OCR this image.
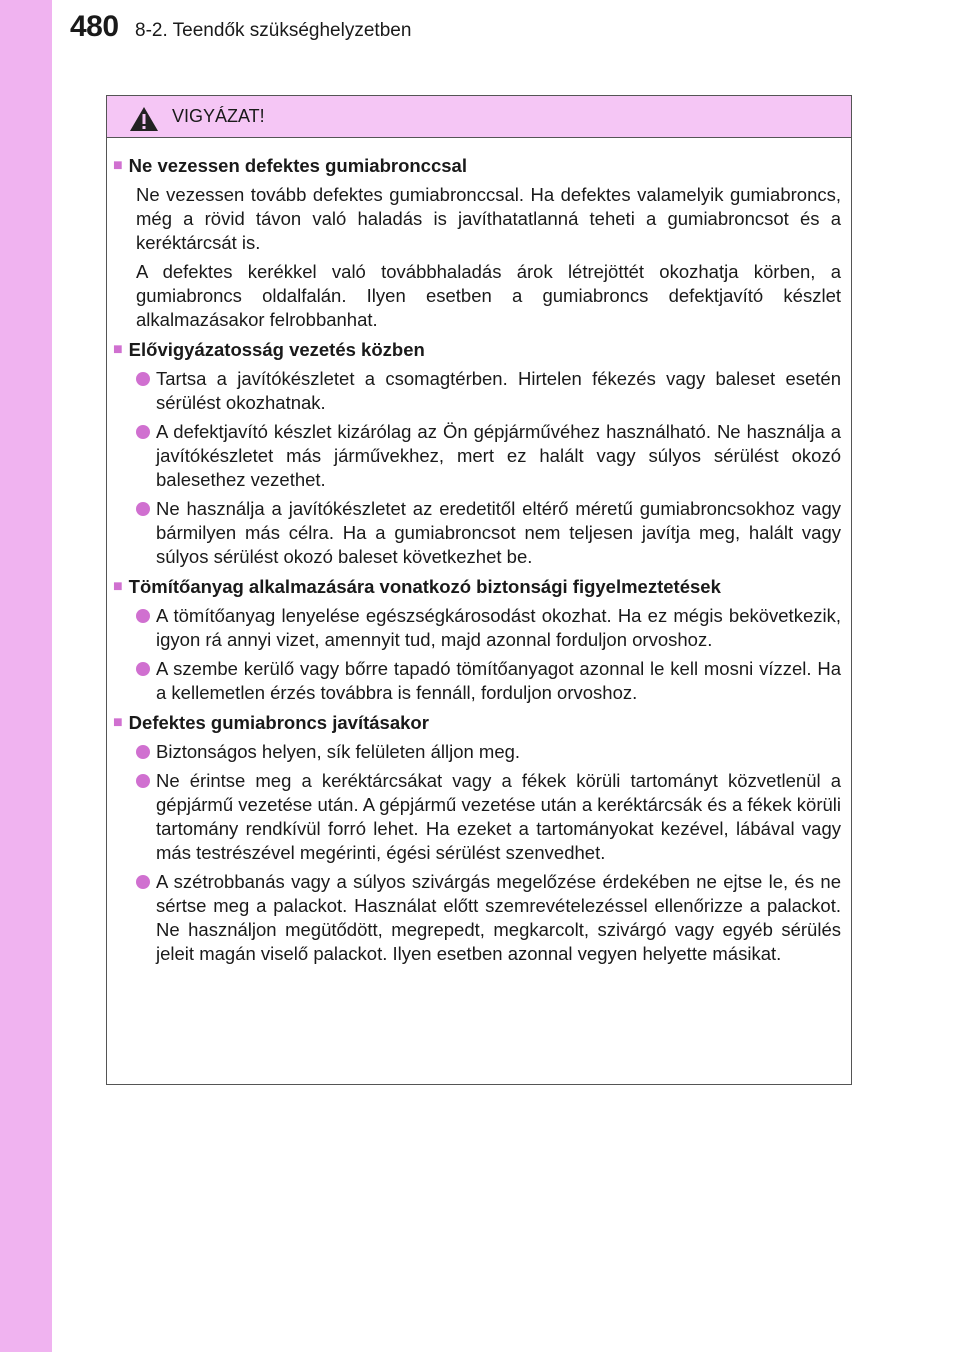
480 8-2. Teendők szükséghelyzetben
VIGYÁZAT!
■ Ne vezessen defektes gumiabronccsal
Ne vezessen tovább defektes gumiabronccsal. Ha defektes valamelyik gumiabroncs, még a rövid távon való haladás is javíthatatlanná teheti a gumiabroncsot és a keréktárcsát is.
A defektes kerékkel való továbbhaladás árok létrejöttét okozhatja körben, a gumiabroncs oldalfalán. Ilyen esetben a gumiabroncs defektjavító készlet alkalmazásakor felrobbanhat.
■ Elővigyázatosság vezetés közben
Tartsa a javítókészletet a csomagtérben. Hirtelen fékezés vagy baleset esetén sérülést okozhatnak.
A defektjavító készlet kizárólag az Ön gépjárművéhez használható. Ne használja a javítókészletet más járművekhez, mert ez halált vagy súlyos sérülést okozó balesethez vezethet.
Ne használja a javítókészletet az eredetitől eltérő méretű gumiabroncsokhoz vagy bármilyen más célra. Ha a gumiabroncsot nem teljesen javítja meg, halált vagy súlyos sérülést okozó baleset következhet be.
■ Tömítőanyag alkalmazására vonatkozó biztonsági figyelmeztetések
A tömítőanyag lenyelése egészségkárosodást okozhat. Ha ez mégis bekövetkezik, igyon rá annyi vizet, amennyit tud, majd azonnal forduljon orvoshoz.
A szembe kerülő vagy bőrre tapadó tömítőanyagot azonnal le kell mosni vízzel. Ha a kellemetlen érzés továbbra is fennáll, forduljon orvoshoz.
■ Defektes gumiabroncs javításakor
Biztonságos helyen, sík felületen álljon meg.
Ne érintse meg a keréktárcsákat vagy a fékek körüli tartományt közvetlenül a gépjármű vezetése után. A gépjármű vezetése után a keréktárcsák és a fékek körüli tartomány rendkívül forró lehet. Ha ezeket a tartományokat kezével, lábával vagy más testrészével megérinti, égési sérülést szenvedhet.
A szétrobbanás vagy a súlyos szivárgás megelőzése érdekében ne ejtse le, és ne sértse meg a palackot. Használat előtt szemrevételezéssel ellenőrizze a palackot. Ne használjon megütődött, megrepedt, megkarcolt, szivárgó vagy egyéb sérülés jeleit magán viselő palackot. Ilyen esetben azonnal vegyen helyette másikat.
